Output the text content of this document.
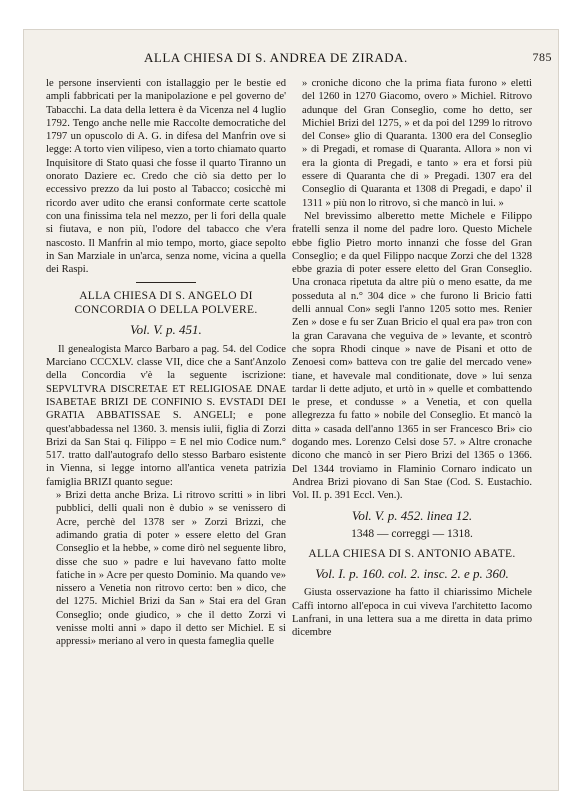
ALLA CHIESA DI S. ANDREA DE ZIRADA.	785

le persone inservienti con istallaggio per le bestie ed ampli fabbricati per la manipolazione e pel governo de' Tabacchi. La data della lettera è da Vicenza nel 4 luglio 1792. Tengo anche nelle mie Raccolte democratiche del 1797 un opuscolo di A. G. in difesa del Manfrin ove si legge: A torto vien vilipeso, vien a torto chiamato quarto Inquisitore di Stato quasi che fosse il quarto Tiranno un onorato Daziere ec. Credo che ciò sia detto per lo eccessivo prezzo da lui posto al Tabacco; cosicchè mi ricordo aver udito che eransi conformate certe scattole con una finissima tela nel mezzo, per li fori della quale si fiutava, e non più, l'odore del tabacco che v'era nascosto. Il Manfrin al mio tempo, morto, giace sepolto in San Marziale in un'arca, senza nome, vicina a quella dei Raspi.

ALLA CHIESA DI S. ANGELO DI CONCORDIA O DELLA POLVERE.
Vol. V. p. 451.

Il genealogista Marco Barbaro a pag. 54. del Codice Marciano CCCXLV. classe VII, dice che a Sant'Anzolo della Concordia v'è la seguente iscrizione: SEPVLTVRA DISCRETAE ET RELIGIOSAE DNAE ISABETAE BRIZI DE CONFINIO S. EVSTADI DEI GRATIA ABBATISSAE S. ANGELI; e pone quest'abbadessa nel 1360. 3. mensis iulii, figlia di Zorzi Brizi da San Stai q. Filippo = E nel mio Codice num.° 517. tratto dall'autografo dello stesso Barbaro esistente in Vienna, si legge intorno all'antica veneta patrizia famiglia BRIZI quanto segue:

» Brizi detta anche Briza. Li ritrovo scritti » in libri pubblici, delli quali non è dubio » se venissero di Acre, perchè del 1378 ser » Zorzi Brizzi, che adimando gratia di poter » essere eletto del Gran Conseglio et la hebbe, » come dirò nel seguente libro, disse che suo » padre e lui havevano fatto molte fatiche in » Acre per questo Dominio. Ma quando ve» nissero a Venetia non ritrovo certo: ben » dico, che del 1275. Michiel Brizi da San » Stai era del Gran Conseglio; onde giudico, » che il detto Zorzi vi venisse molti anni » dapo il detto ser Michiel. E si appressi» meriano al vero in questa fameglia quelle

» croniche dicono che la prima fiata furono » eletti del 1260 in 1270 Giacomo, overo » Michiel. Ritrovo adunque del Gran Conseglio, come ho detto, ser Michiel Brizi del 1275, » et da poi del 1299 lo ritrovo del Conse» glio di Quaranta. 1300 era del Conseglio » di Pregadi, et romase di Quaranta. Allora » non vi era la gionta di Pregadi, e tanto » era et forsi più essere di Quaranta che di » Pregadi. 1307 era del Conseglio di Quaranta et 1308 di Pregadi, e dapo' il 1311 » più non lo ritrovo, sì che mancò in lui. »

Nel brevissimo alberetto mette Michele e Filippo fratelli senza il nome del padre loro. Questo Michele ebbe figlio Pietro morto innanzi che fosse del Gran Conseglio; e da quel Filippo nacque Zorzi che del 1328 ebbe grazia di poter essere eletto del Gran Conseglio. Una cronaca ripetuta da altre più o meno esatte, da me posseduta al n.° 304 dice » che furono li Bricio fatti delli annual Con» segli l'anno 1205 sotto mes. Renier Zen » dose e fu ser Zuan Bricio el qual era pa» tron con la gran Caravana che veguiva de » levante, et scontrò che sopra Rhodi cinque » nave de Pisani et otto de Zenoesi com» batteva con tre galie del mercado vene» tiane, et havevale mal conditionate, dove » lui senza tardar li dette adjuto, et urtò in » quelle et combattendo le prese, et condusse » a Venetia, et con quella allegrezza fu fatto » nobile del Conseglio. Et mancò la ditta » casada dell'anno 1365 in ser Francesco Bri» cio dogando mes. Lorenzo Celsi dose 57. » Altre cronache dicono che mancò in ser Piero Brizi del 1365 o 1366. Del 1344 troviamo in Flaminio Cornaro indicato un Andrea Brizi piovano di San Stae (Cod. S. Eustachio. Vol. II. p. 391 Eccl. Ven.).

Vol. V. p. 452. linea 12.
1348 — correggi — 1318.
ALLA CHIESA DI S. ANTONIO ABATE.
Vol. I. p. 160. col. 2. insc. 2. e p. 360.

Giusta osservazione ha fatto il chiarissimo Michele Caffi intorno all'epoca in cui viveva l'architetto Iacomo Lanfrani, in una lettera sua a me diretta in data primo dicembre
